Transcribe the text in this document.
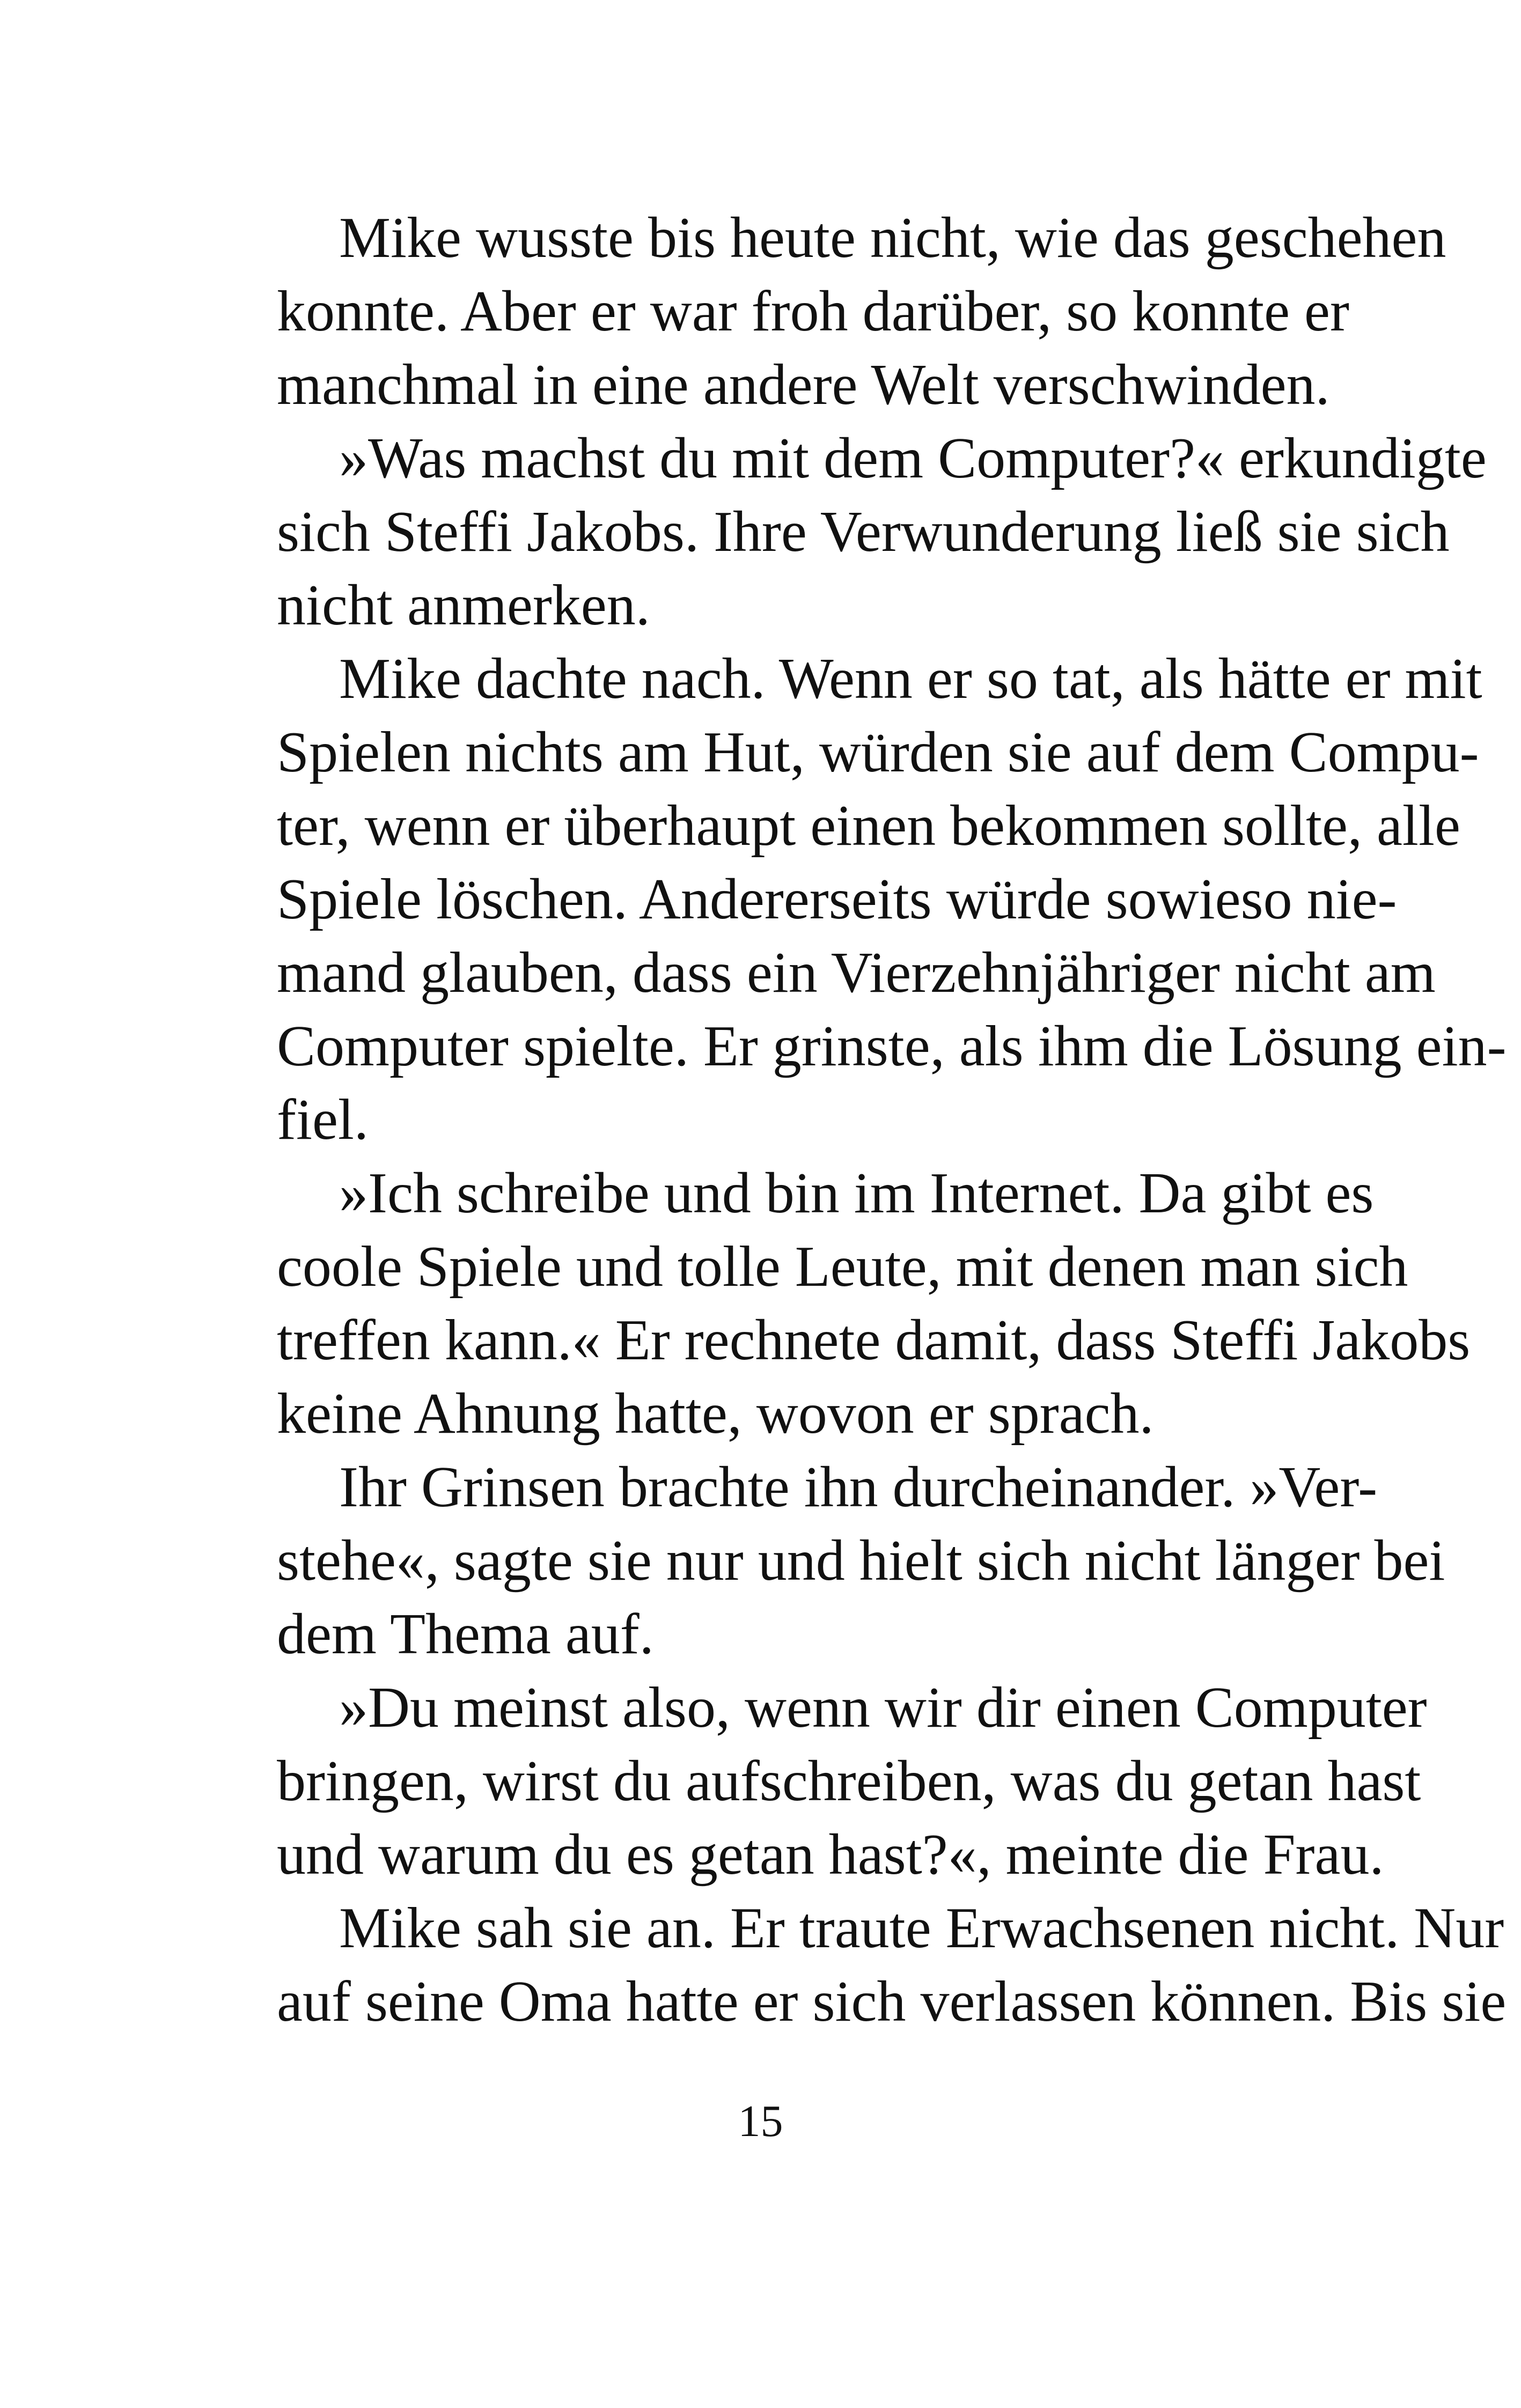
Mike wusste bis heute nicht, wie das geschehen
konnte. Aber er war froh darüber, so konnte er
manchmal in eine andere Welt verschwinden.

»Was machst du mit dem Computer?« erkundigte
sich Steffi Jakobs. Ihre Verwunderung ließ sie sich
nicht anmerken.

Mike dachte nach. Wenn er so tat, als hätte er mit
Spielen nichts am Hut, würden sie auf dem Compu-
ter, wenn er überhaupt einen bekommen sollte, alle
Spiele löschen. Andererseits würde sowieso nie-
mand glauben, dass ein Vierzehnjähriger nicht am
Computer spielte. Er grinste, als ihm die Lösung ein-
fiel.

»Ich schreibe und bin im Internet. Da gibt es
coole Spiele und tolle Leute, mit denen man sich
treffen kann.« Er rechnete damit, dass Steffi Jakobs
keine Ahnung hatte, wovon er sprach.

Ihr Grinsen brachte ihn durcheinander. »Ver-
stehe«, sagte sie nur und hielt sich nicht länger bei
dem Thema auf.

»Du meinst also, wenn wir dir einen Computer
bringen, wirst du aufschreiben, was du getan hast
und warum du es getan hast?«, meinte die Frau.

Mike sah sie an. Er traute Erwachsenen nicht. Nur
auf seine Oma hatte er sich verlassen können. Bis sie

15
